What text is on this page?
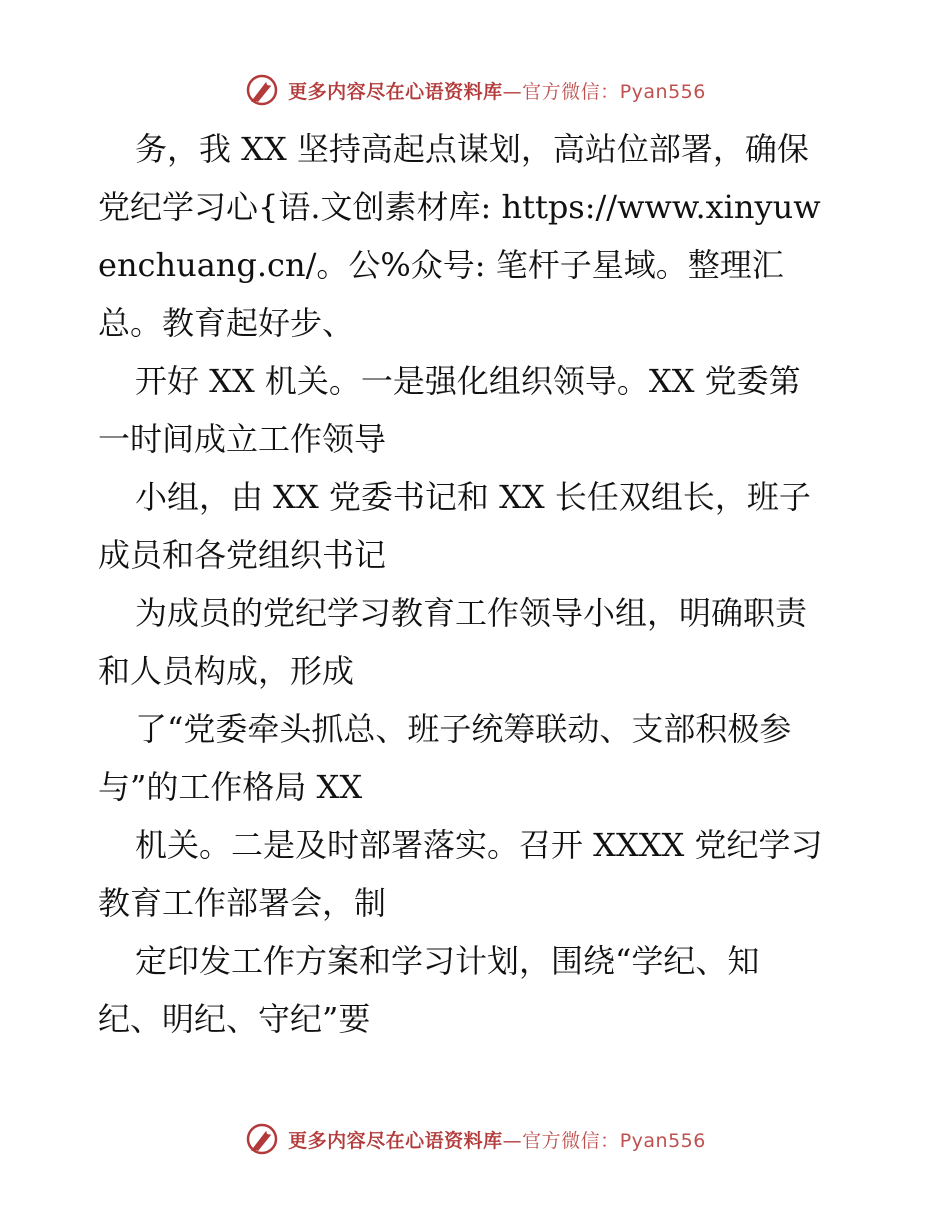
更多内容尽在心语资料库—官方微信：Pyan556
务，我 XX 坚持高起点谋划，高站位部署，确保
党纪学习心{语.文创素材库: https://www.xinyuw
enchuang.cn/。公%众号: 笔杆子星域。整理汇
总。教育起好步、
开好 XX 机关。一是强化组织领导。XX 党委第
一时间成立工作领导
小组，由 XX 党委书记和 XX 长任双组长，班子
成员和各党组织书记
为成员的党纪学习教育工作领导小组，明确职责
和人员构成，形成
了“党委牵头抓总、班子统筹联动、支部积极参
与”的工作格局 XX
机关。二是及时部署落实。召开 XXXX 党纪学习
教育工作部署会，制
定印发工作方案和学习计划，围绕“学纪、知
纪、明纪、守纪”要
更多内容尽在心语资料库—官方微信：Pyan556
